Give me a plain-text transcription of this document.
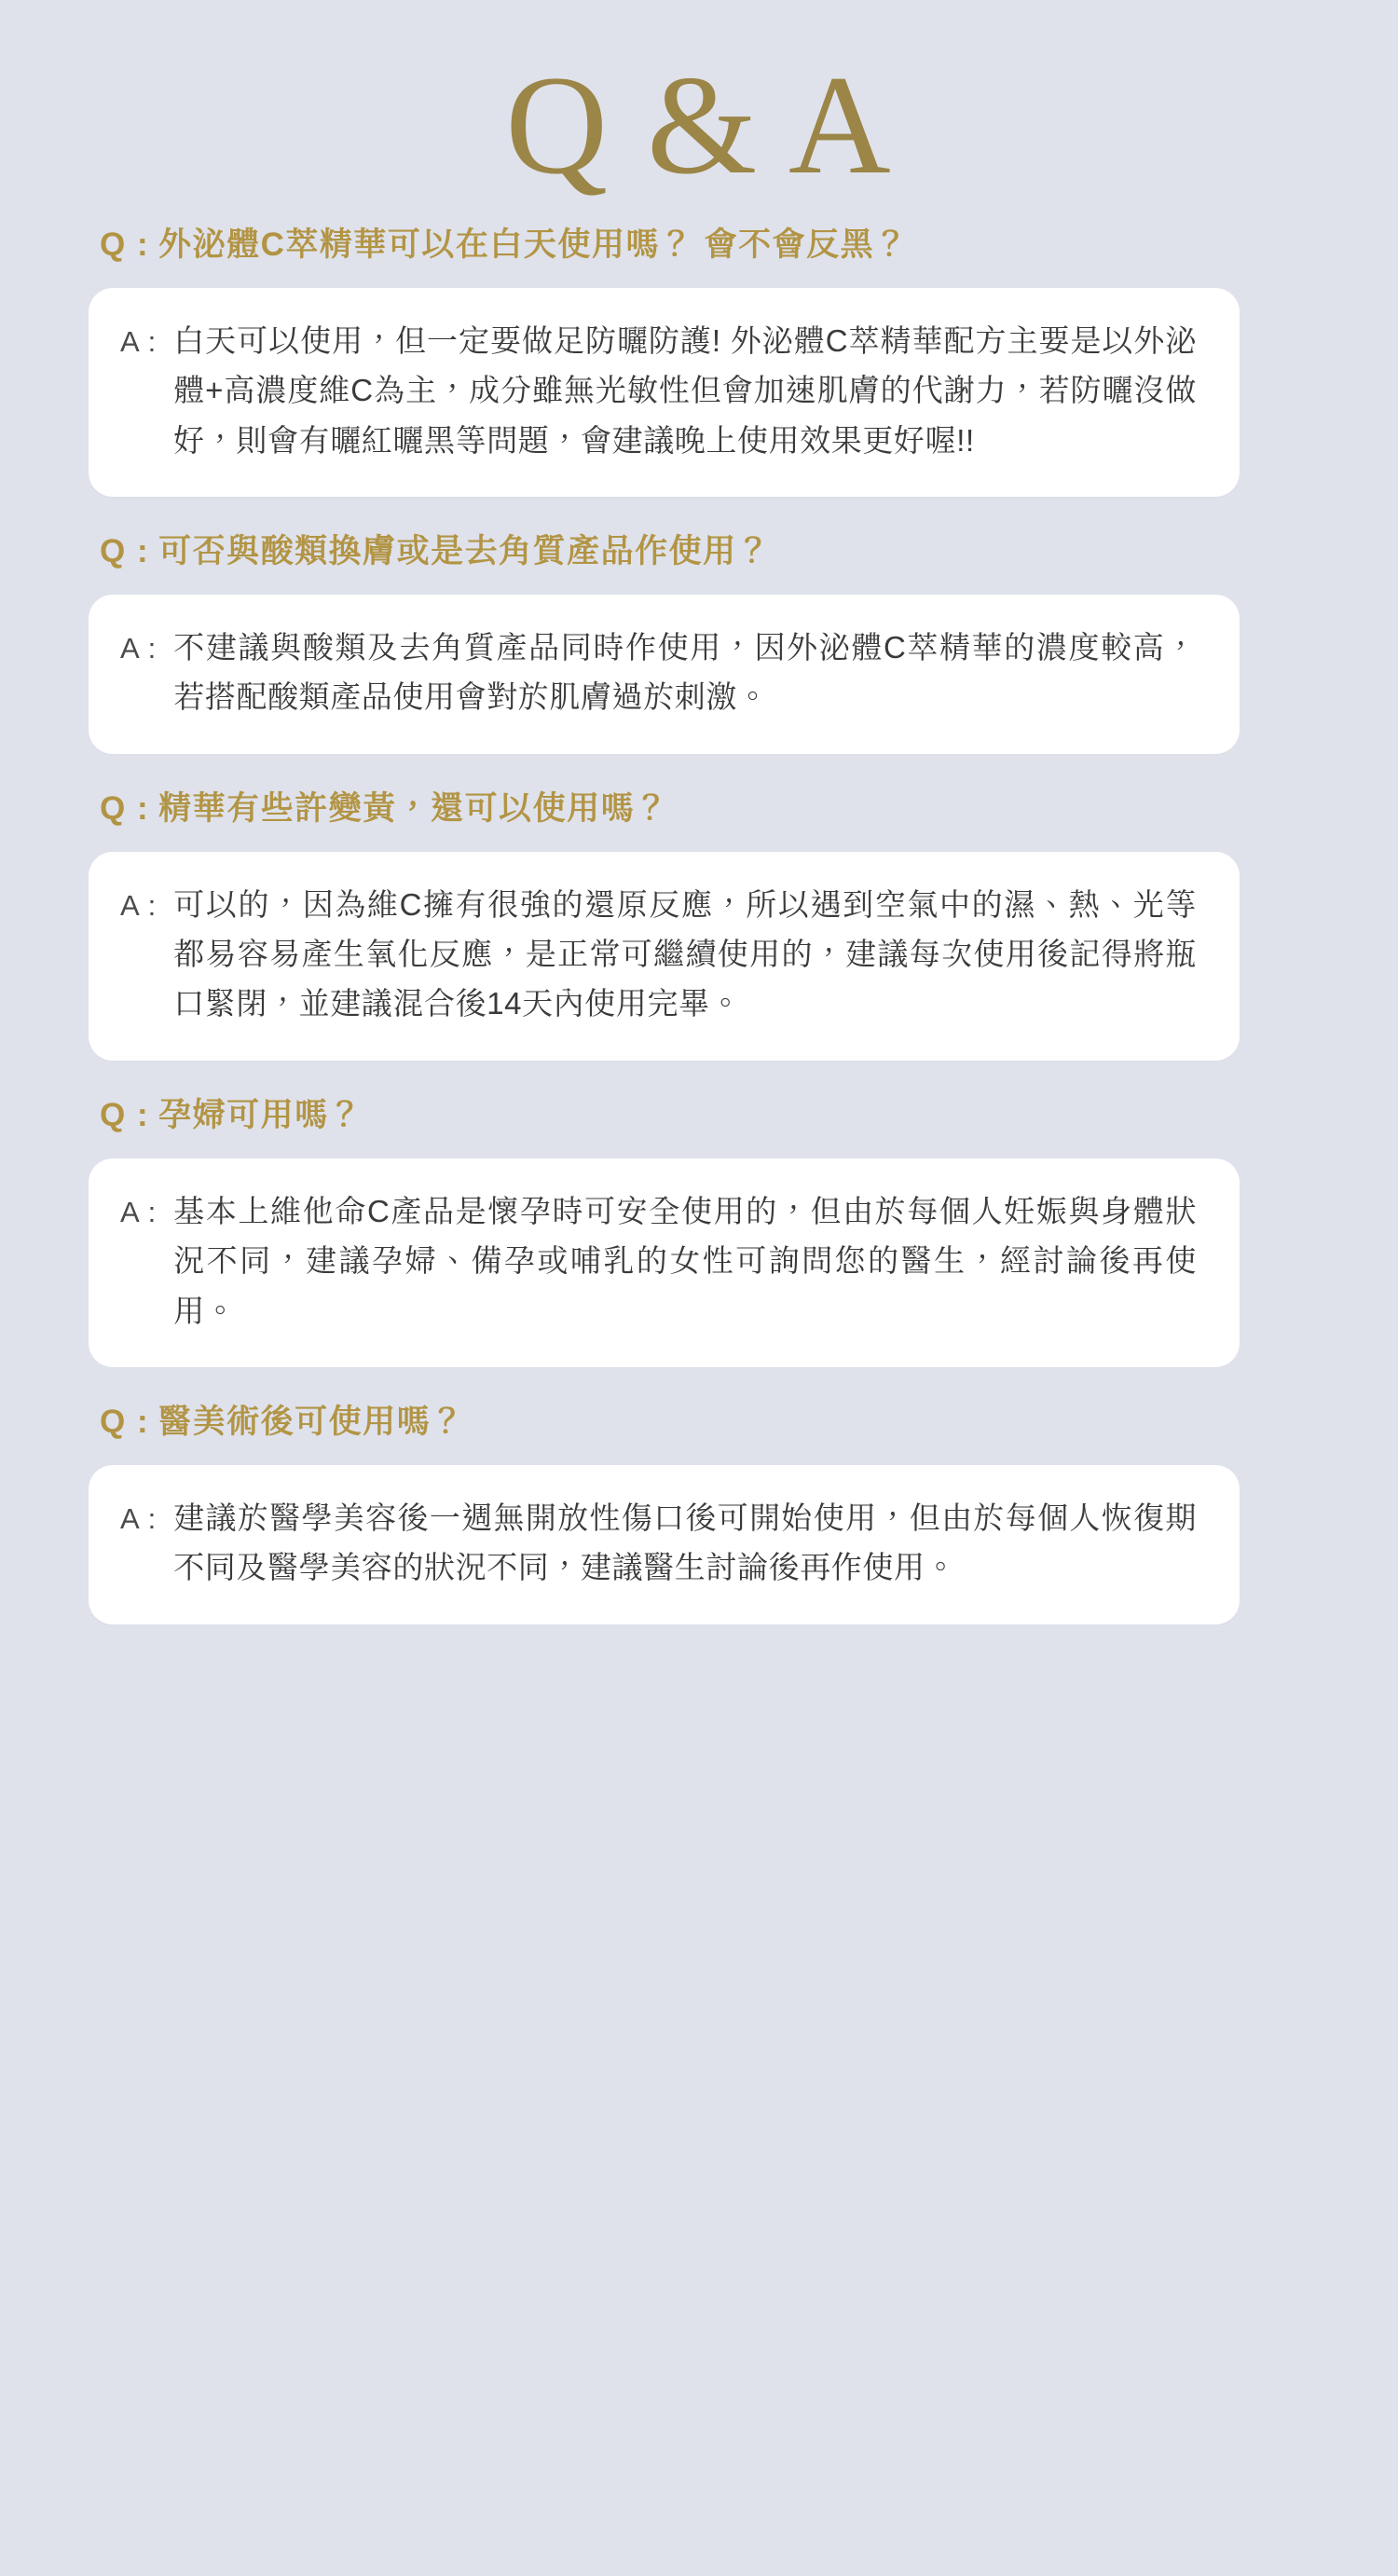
Q & A
Q : 外泌體C萃精華可以在白天使用嗎？ 會不會反黑？
A : 白天可以使用，但一定要做足防曬防護! 外泌體C萃精華配方主要是以外泌體+高濃度維C為主，成分雖無光敏性但會加速肌膚的代謝力，若防曬沒做好，則會有曬紅曬黑等問題，會建議晚上使用效果更好喔!!
Q : 可否與酸類換膚或是去角質產品作使用？
A : 不建議與酸類及去角質產品同時作使用，因外泌體C萃精華的濃度較高，若搭配酸類產品使用會對於肌膚過於刺激。
Q : 精華有些許變黃，還可以使用嗎？
A : 可以的，因為維C擁有很強的還原反應，所以遇到空氣中的濕、熱、光等都易容易產生氧化反應，是正常可繼續使用的，建議每次使用後記得將瓶口緊閉，並建議混合後14天內使用完畢。
Q : 孕婦可用嗎？
A : 基本上維他命C產品是懷孕時可安全使用的，但由於每個人妊娠與身體狀況不同，建議孕婦、備孕或哺乳的女性可詢問您的醫生，經討論後再使用。
Q : 醫美術後可使用嗎？
A : 建議於醫學美容後一週無開放性傷口後可開始使用，但由於每個人恢復期不同及醫學美容的狀況不同，建議醫生討論後再作使用。
